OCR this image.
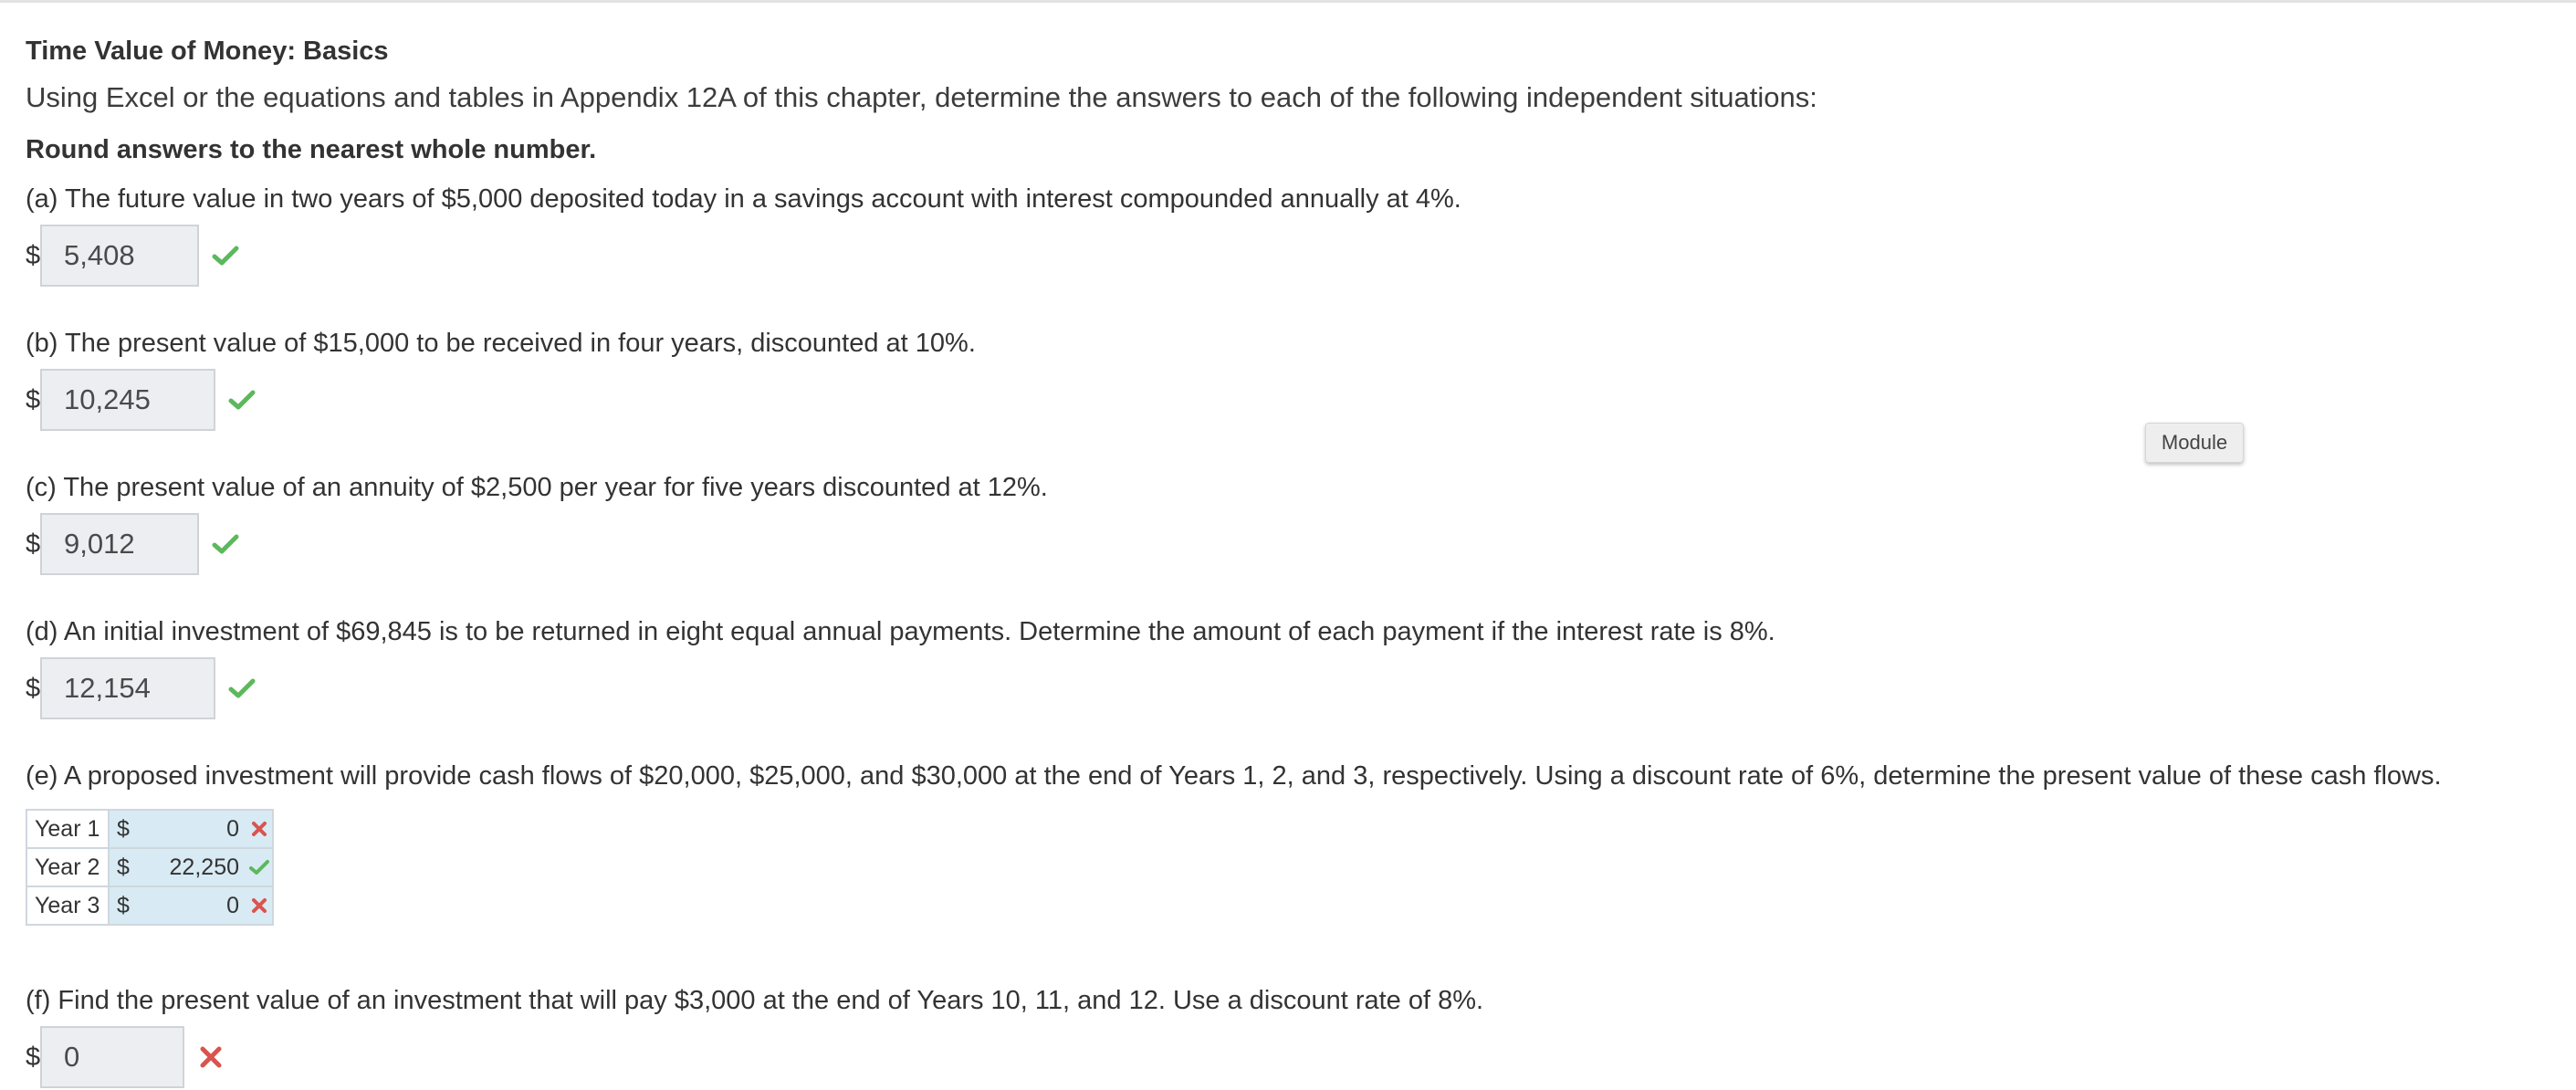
Time Value of Money: Basics

Using Excel or the equations and tables in Appendix 12A of this chapter, determine the answers to each of the following independent situations:

Round answers to the nearest whole number.

(a) The future value in two years of $5,000 deposited today in a savings account with interest compounded annually at 4%.

$ 5,408

(b) The present value of $15,000 to be received in four years, discounted at 10%.

$ 10,245

(c) The present value of an annuity of $2,500 per year for five years discounted at 12%.

$ 9,012

(d) An initial investment of $69,845 is to be returned in eight equal annual payments. Determine the amount of each payment if the interest rate is 8%.

$ 12,154

(e) A proposed investment will provide cash flows of $20,000, $25,000, and $30,000 at the end of Years 1, 2, and 3, respectively. Using a discount rate of 6%, determine the present value of these cash flows.

Year 1	$ 0

Year 2	$ 22,250

Year 3	$ 0

(f) Find the present value of an investment that will pay $3,000 at the end of Years 10, 11, and 12. Use a discount rate of 8%.

$ 0
Module
